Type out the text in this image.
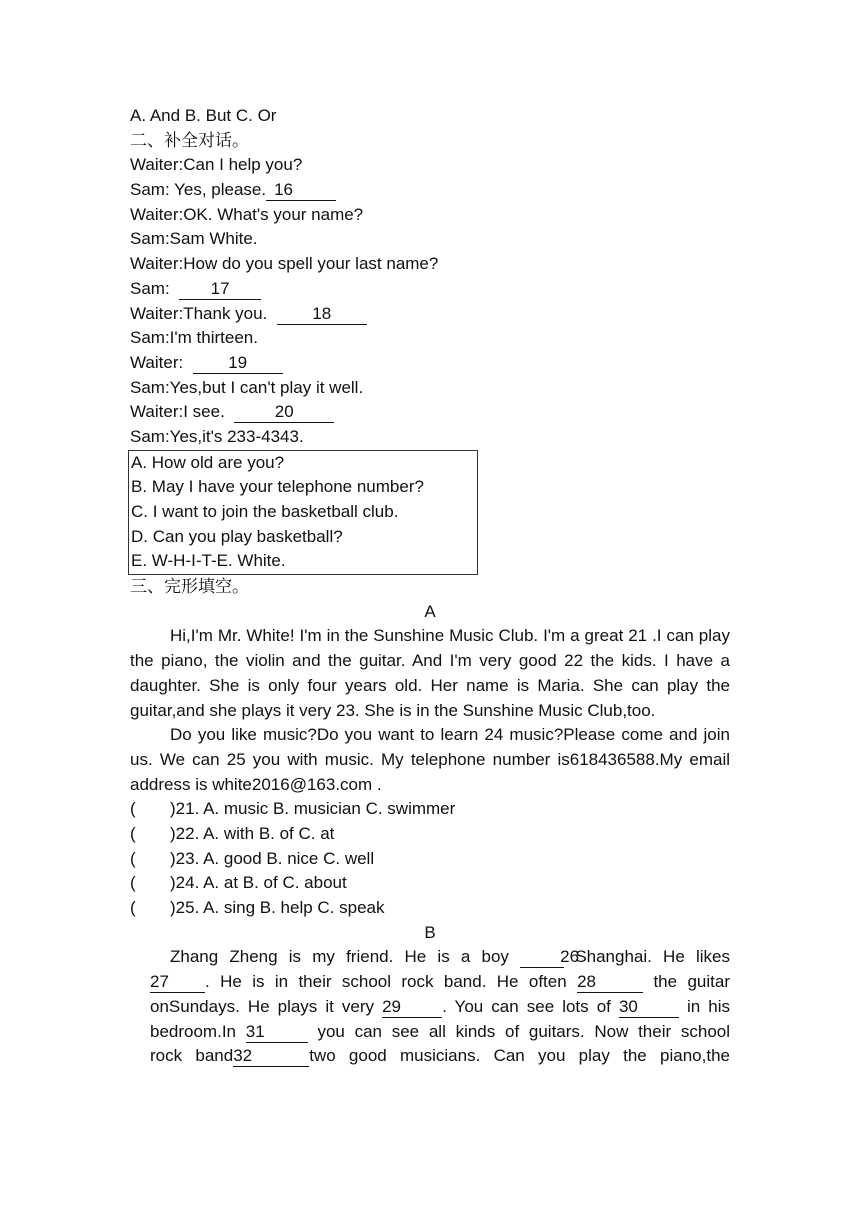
A. And B. But C. Or
二、补全对话。
Waiter:Can I help you?
Sam: Yes, please. 16
Waiter:OK. What's your name?
Sam:Sam White.
Waiter:How do you spell your last name?
Sam: 17
Waiter:Thank you.	18
Sam:I'm thirteen.
Waiter:	19
Sam:Yes,but I can't play it well.
Waiter:I see.	20
Sam:Yes,it's 233-4343.
A. How old are you?
B. May I have your telephone number?
C. I want to join the basketball club.
D. Can you play basketball?
E. W-H-I-T-E. White.
三、完形填空。
A
Hi,I'm Mr. White! I'm in the Sunshine Music Club. I'm a great 21 .I can play the piano, the violin and the guitar. And I'm very good 22 the kids. I have a daughter. She is only four years old. Her name is Maria. She can play the guitar,and she plays it very 23. She is in the Sunshine Music Club,too.
Do you like music?Do you want to learn 24 music?Please come and join us. We can 25 you with music. My telephone number is618436588.My email address is white2016@163.com .
( )21. A. music B. musician C. swimmer
( )22. A. with B. of C. at
( )23. A. good B. nice C. well
( )24. A. at B. of C. about
( )25. A. sing B. help C. speak
B
Zhang Zheng is my friend. He is a boy	26 Shanghai. He likes
27 . He is in their school rock band. He often 28	the guitar
onSundays. He plays it very 29 . You can see lots of 30	in his
bedroom.In 31	you can see all kinds of guitars. Now their school
rock band32	two good musicians. Can you play the piano,the
